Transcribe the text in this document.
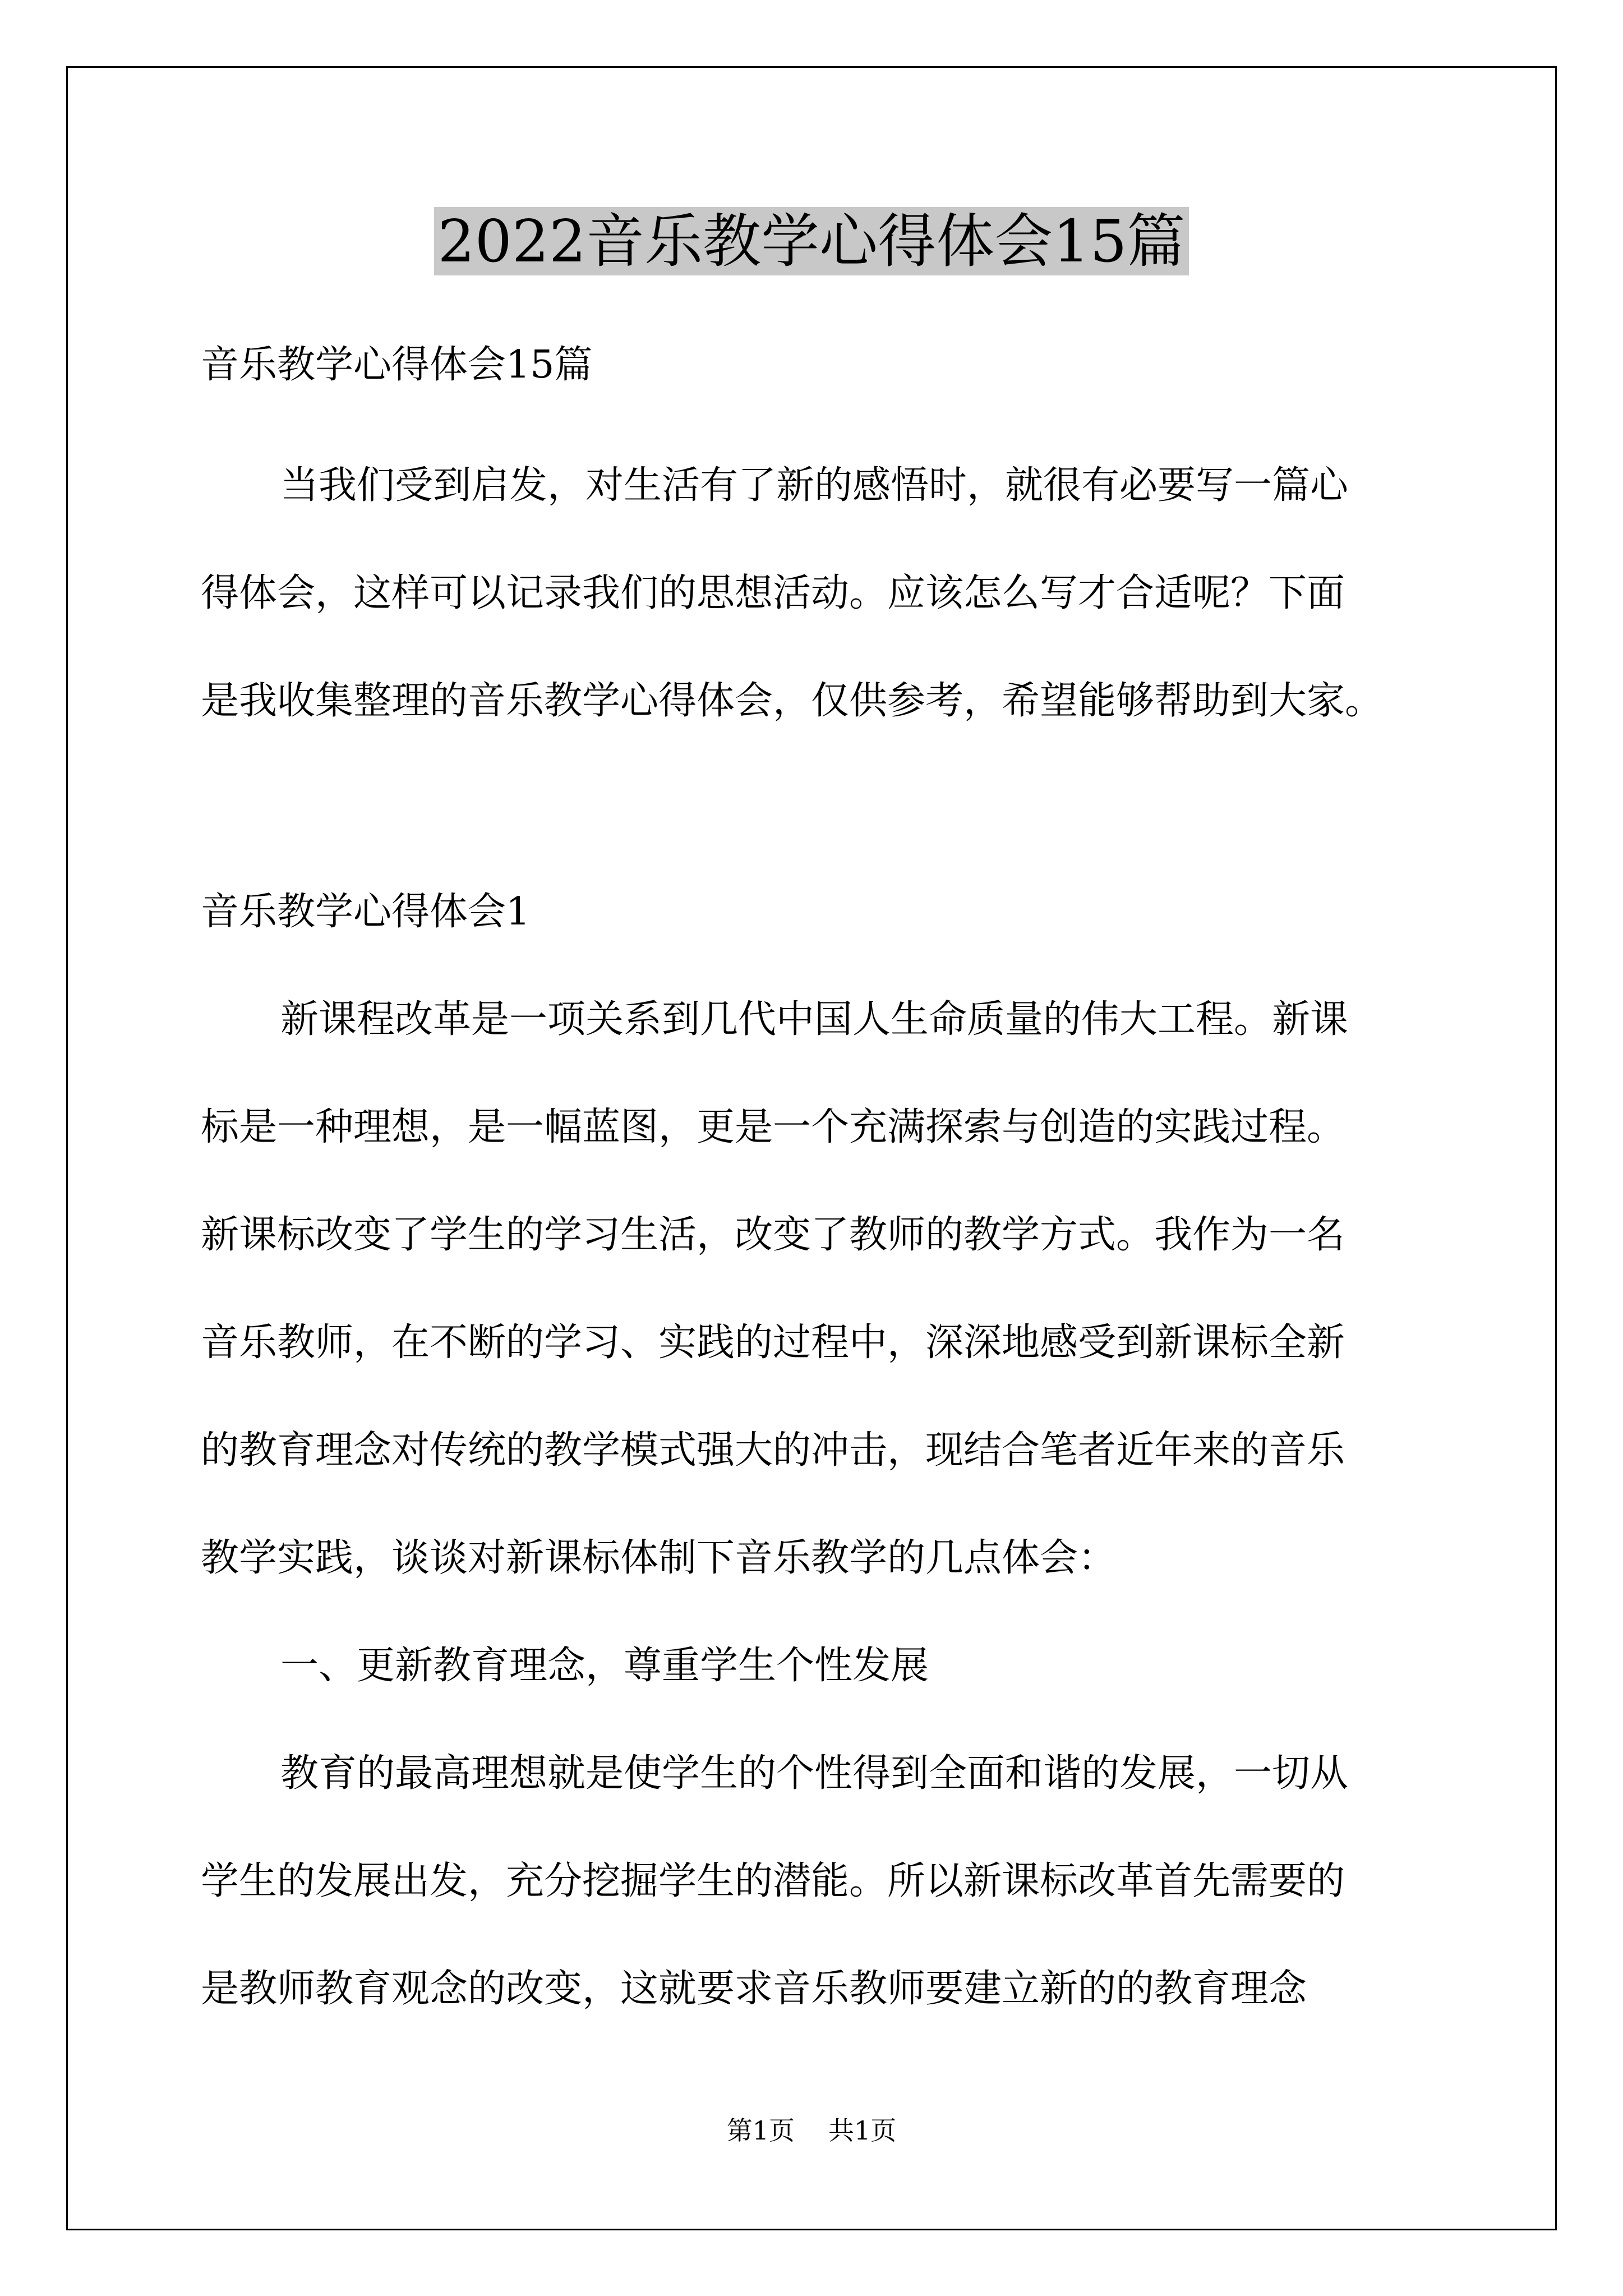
2022音乐教学心得体会15篇

音乐教学心得体会15篇

当我们受到启发，对生活有了新的感悟时，就很有必要写一篇心

得体会，这样可以记录我们的思想活动。应该怎么写才合适呢？下面

是我收集整理的音乐教学心得体会，仅供参考，希望能够帮助到大家。

音乐教学心得体会1

新课程改革是一项关系到几代中国人生命质量的伟大工程。新课

标是一种理想，是一幅蓝图，更是一个充满探索与创造的实践过程。

新课标改变了学生的学习生活，改变了教师的教学方式。我作为一名

音乐教师，在不断的学习、实践的过程中，深深地感受到新课标全新

的教育理念对传统的教学模式强大的冲击，现结合笔者近年来的音乐

教学实践，谈谈对新课标体制下音乐教学的几点体会：

一、更新教育理念，尊重学生个性发展

教育的最高理想就是使学生的个性得到全面和谐的发展，一切从

学生的发展出发，充分挖掘学生的潜能。所以新课标改革首先需要的

是教师教育观念的改变，这就要求音乐教师要建立新的的教育理念

第1页 共1页
